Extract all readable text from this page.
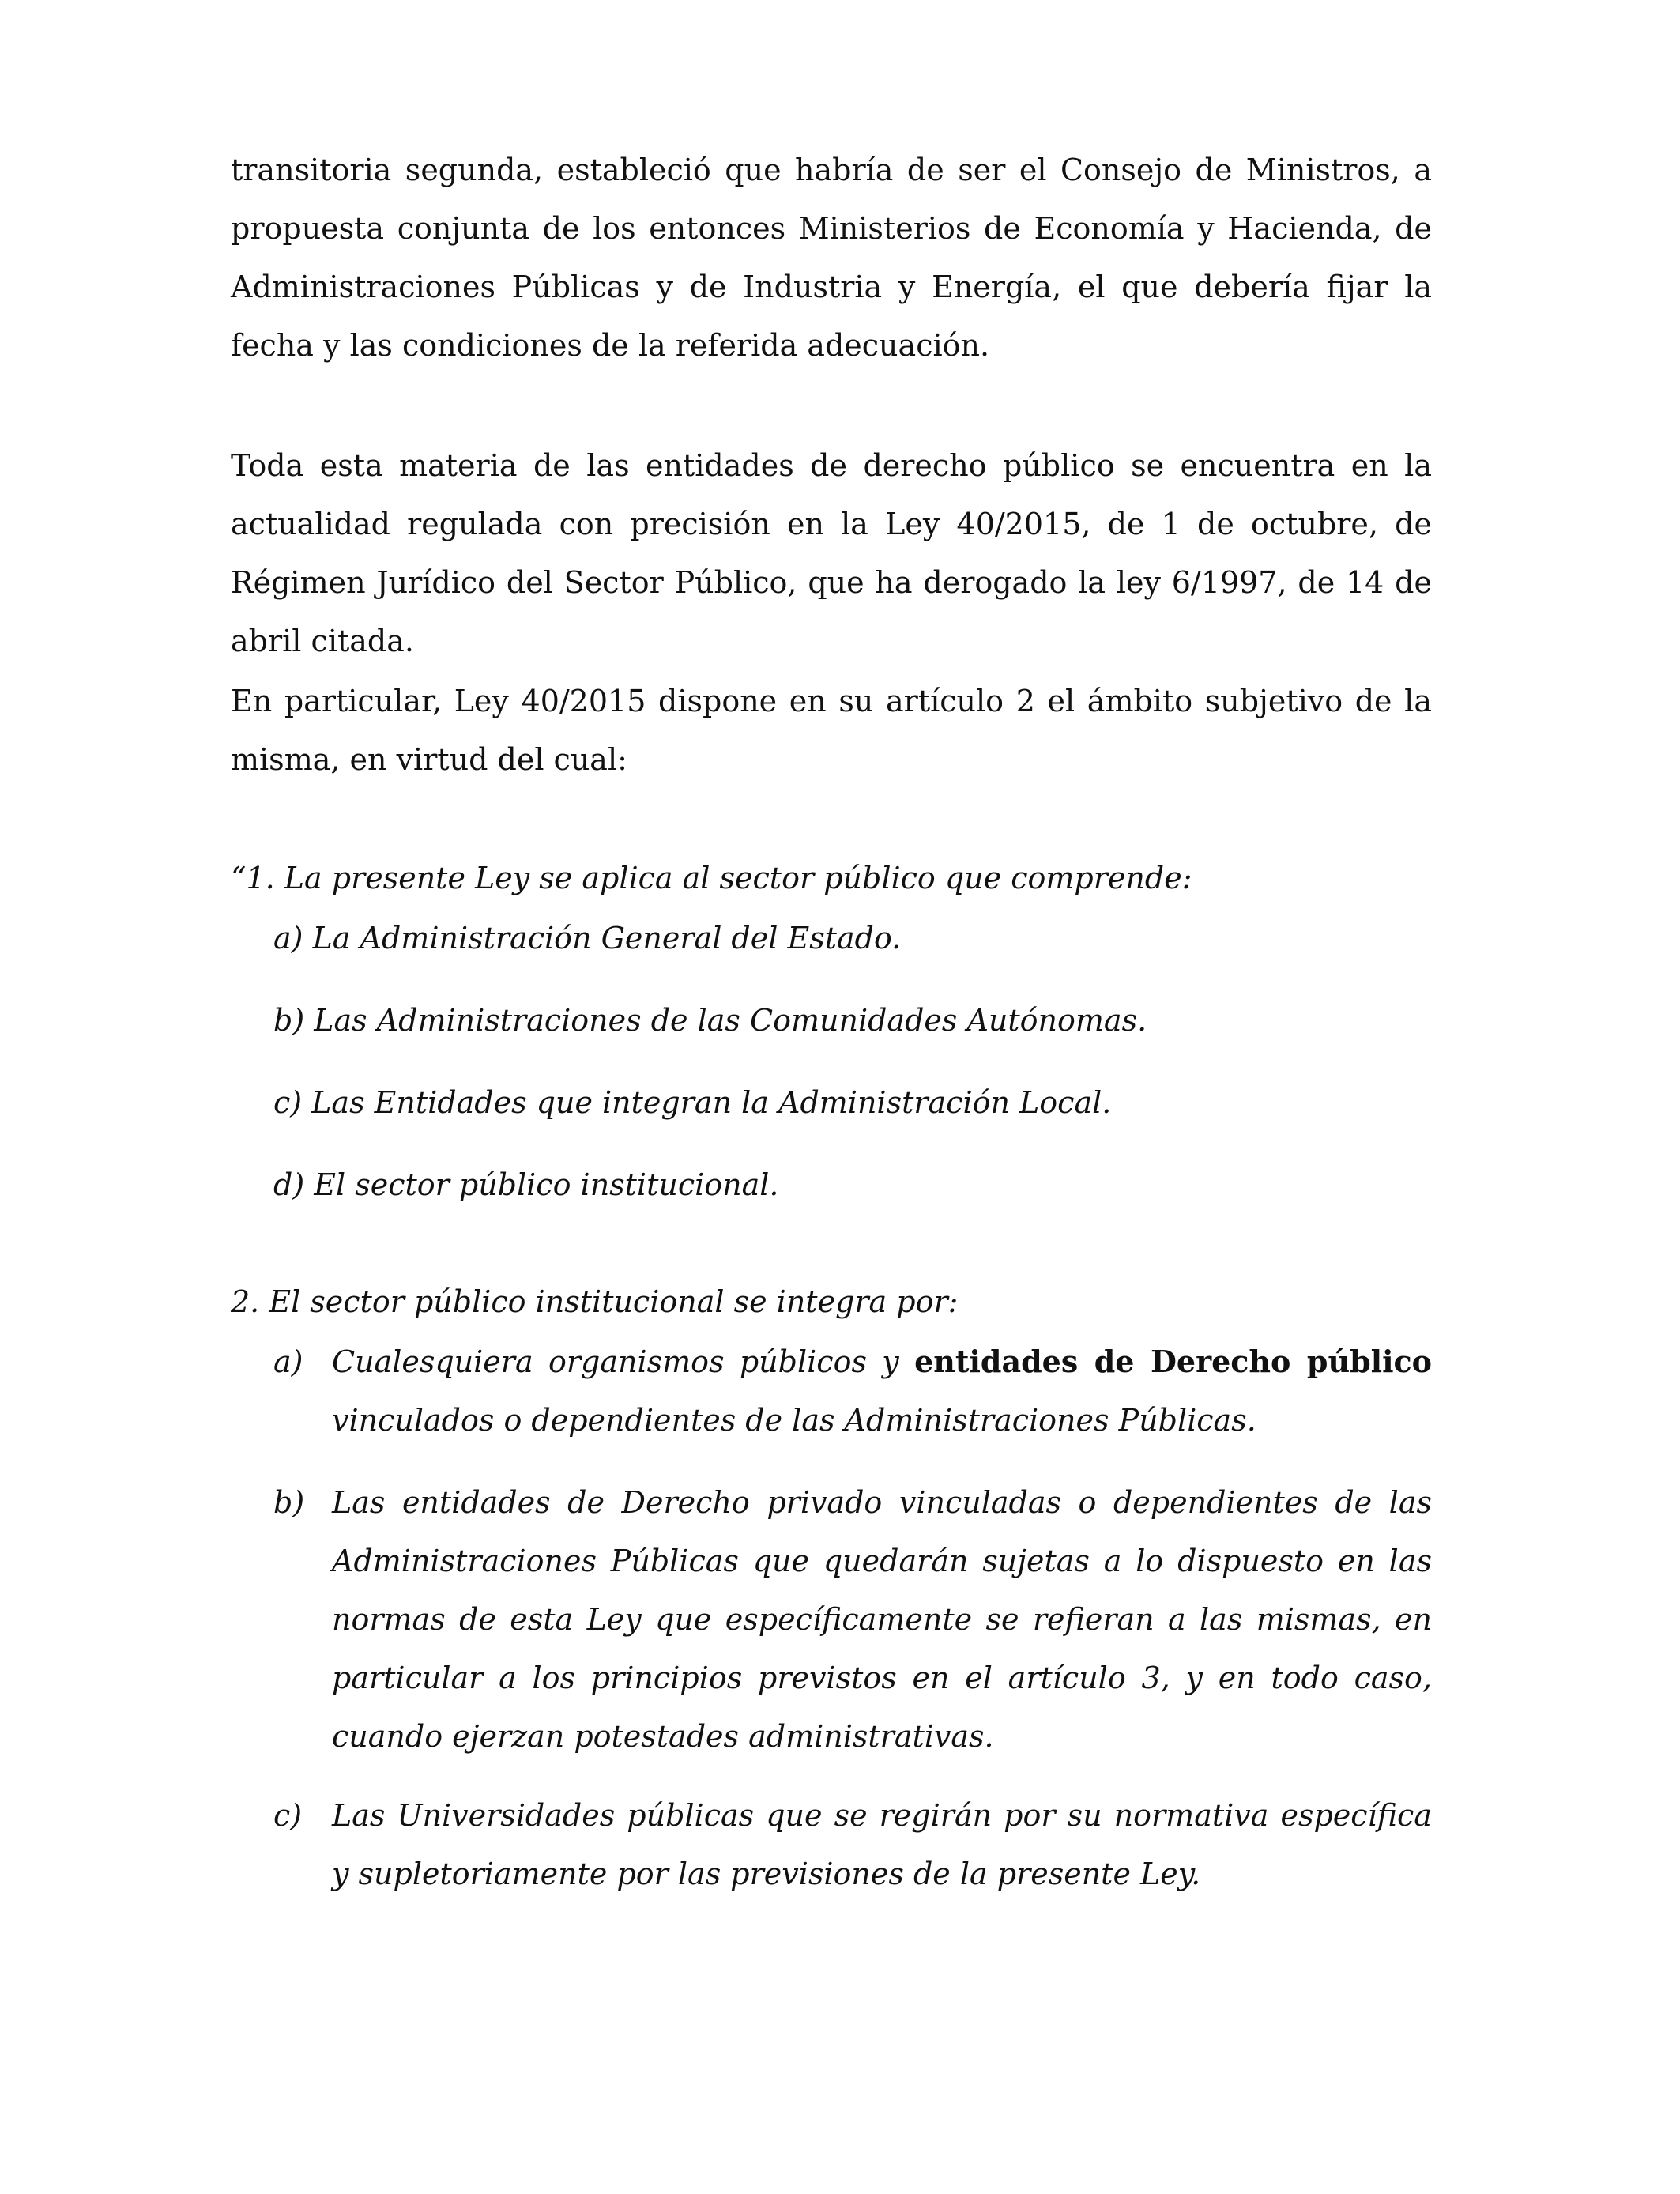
transitoria segunda, estableció que habría de ser el Consejo de Ministros, a propuesta conjunta de los entonces Ministerios de Economía y Hacienda, de Administraciones Públicas y de Industria y Energía, el que debería fijar la fecha y las condiciones de la referida adecuación.

Toda esta materia de las entidades de derecho público se encuentra en la actualidad regulada con precisión en la Ley 40/2015, de 1 de octubre, de Régimen Jurídico del Sector Público, que ha derogado la ley 6/1997, de 14 de abril citada.

En particular, Ley 40/2015 dispone en su artículo 2 el ámbito subjetivo de la misma, en virtud del cual:

“1. La presente Ley se aplica al sector público que comprende:

a) La Administración General del Estado.

b) Las Administraciones de las Comunidades Autónomas.

c) Las Entidades que integran la Administración Local.

d) El sector público institucional.

2. El sector público institucional se integra por:

a) Cualesquiera organismos públicos y entidades de Derecho público vinculados o dependientes de las Administraciones Públicas.
b) Las entidades de Derecho privado vinculadas o dependientes de las Administraciones Públicas que quedarán sujetas a lo dispuesto en las normas de esta Ley que específicamente se refieran a las mismas, en particular a los principios previstos en el artículo 3, y en todo caso, cuando ejerzan potestades administrativas.
c) Las Universidades públicas que se regirán por su normativa específica y supletoriamente por las previsiones de la presente Ley.
